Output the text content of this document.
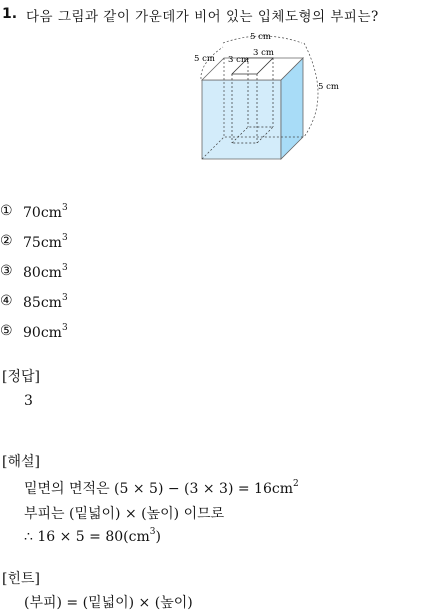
1. 다음 그림과 같이 가운데가 비어 있는 입체도형의 부피는?
5 cm
5 cm
3 cm
3 cm
5 cm
① $70cm^3$
② $75cm^3$
③ $80cm^3$
④ $85cm^3$
⑤ $90cm^3$
[정답]
3
[해설]
밑면의 면적은 $(5 \times 5) - (3 \times 3) = 16cm^2$
부피는 (밑넓이) × (높이) 이므로
∴ $16 \times 5 = 80(cm^3)$
[힌트]
(부피) = (밑넓이) × (높이)
